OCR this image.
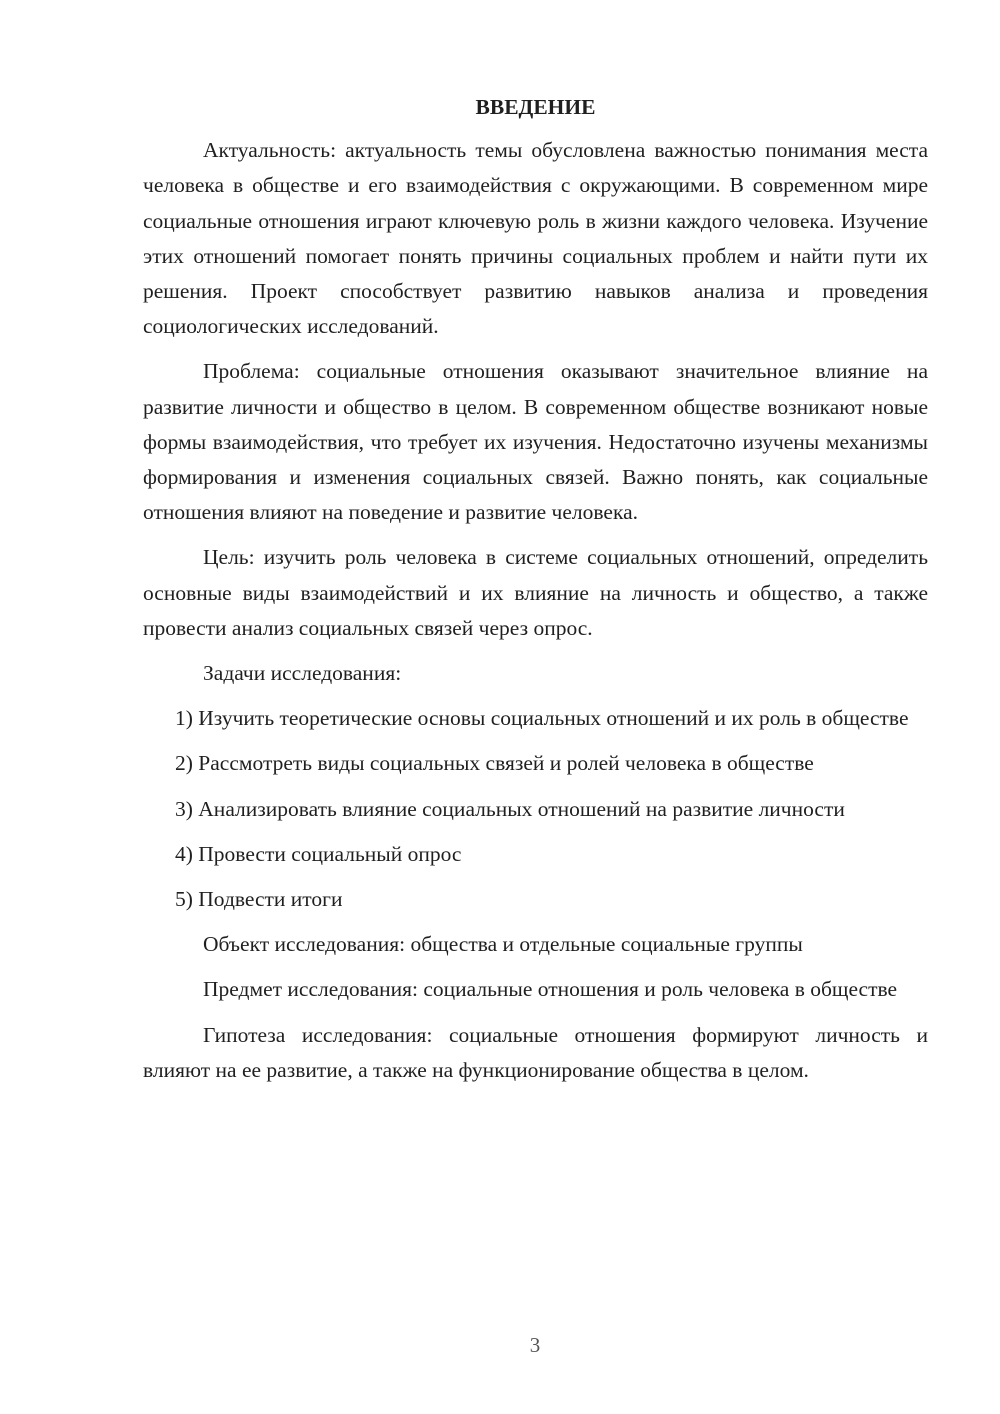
ВВЕДЕНИЕ

Актуальность: актуальность темы обусловлена важностью понимания места человека в обществе и его взаимодействия с окружающими. В современном мире социальные отношения играют ключевую роль в жизни каждого человека. Изучение этих отношений помогает понять причины социальных проблем и найти пути их решения. Проект способствует развитию навыков анализа и проведения социологических исследований.

Проблема: социальные отношения оказывают значительное влияние на развитие личности и общество в целом. В современном обществе возникают новые формы взаимодействия, что требует их изучения. Недостаточно изучены механизмы формирования и изменения социальных связей. Важно понять, как социальные отношения влияют на поведение и развитие человека.

Цель: изучить роль человека в системе социальных отношений, определить основные виды взаимодействий и их влияние на личность и общество, а также провести анализ социальных связей через опрос.

Задачи исследования:

1) Изучить теоретические основы социальных отношений и их роль в обществе

2) Рассмотреть виды социальных связей и ролей человека в обществе

3) Анализировать влияние социальных отношений на развитие личности

4) Провести социальный опрос

5) Подвести итоги

Объект исследования: общества и отдельные социальные группы

Предмет исследования: социальные отношения и роль человека в обществе

Гипотеза исследования: социальные отношения формируют личность и влияют на ее развитие, а также на функционирование общества в целом.

3
